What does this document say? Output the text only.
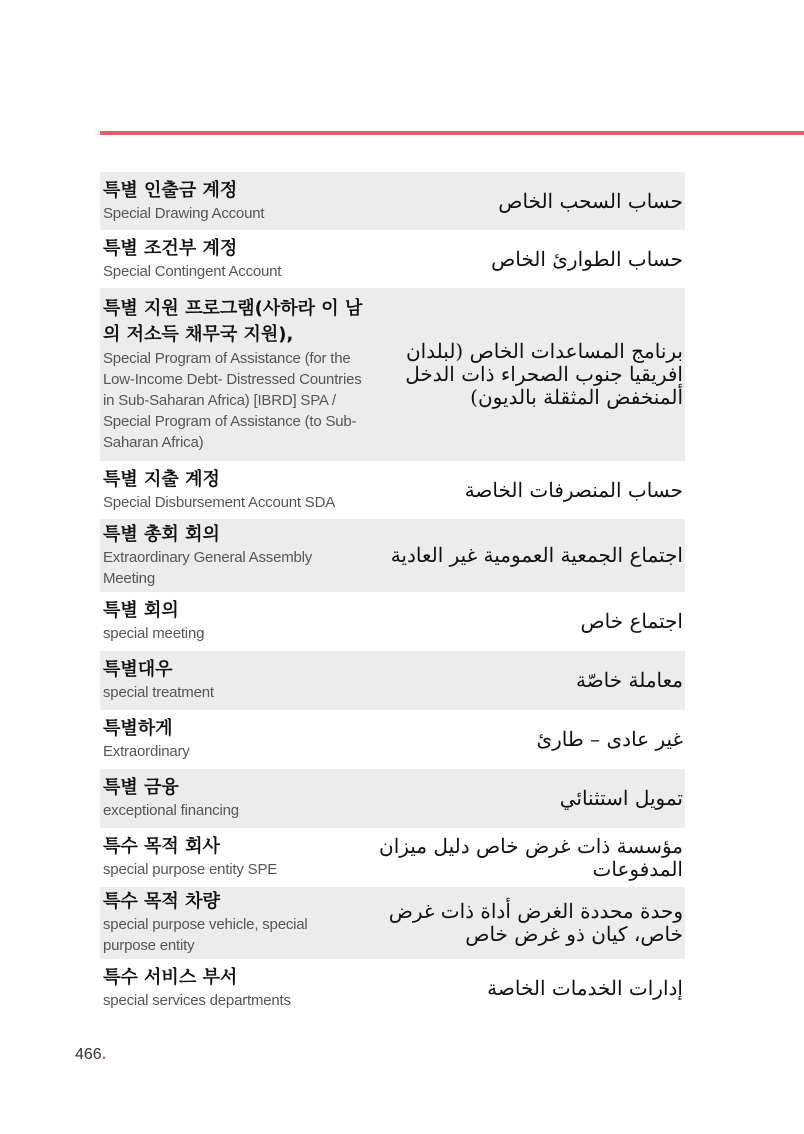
특별 인출금 계정
Special Drawing Account
حساب السحب الخاص
특별 조건부 계정
Special Contingent Account
حساب الطوارئ الخاص
특별 지원 프로그램(사하라 이 남의 저소득 채무국 지원),
Special Program of Assistance (for the Low-Income Debt- Distressed Countries in Sub-Saharan Africa) [IBRD] SPA / Special Program of Assistance (to Sub-Saharan Africa)
برنامج المساعدات الخاص (لبلدان افريقيا جنوب الصحراء ذات الدخل ألمنخفض المثقلة بالديون)
특별 지출 계정
Special Disbursement Account SDA
حساب المنصرفات الخاصة
특별 총회 회의
Extraordinary General Assembly Meeting
اجتماع الجمعية العمومية غير العادية
특별 회의
special meeting
اجتماع خاص
특별대우
special treatment
معاملة خاصّة
특별하게
Extraordinary
غير عادى – طارئ
특별 금융
exceptional financing
تمويل استثنائي
특수 목적 회사
special purpose entity SPE
مؤسسة ذات غرض خاص دليل ميزان المدفوعات
특수 목적 차량
special purpose vehicle, special purpose entity
وحدة محددة الغرض أداة ذات غرض خاص، كيان ذو غرض خاص
특수 서비스 부서
special services departments
إدارات الخدمات الخاصة
466.
